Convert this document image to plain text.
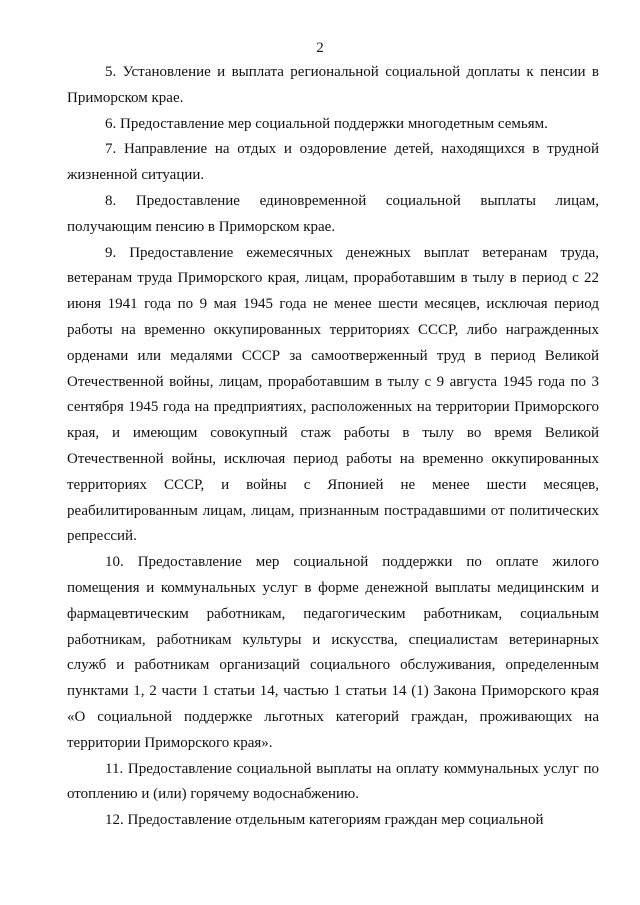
2

5. Установление и выплата региональной социальной доплаты к пенсии в Приморском крае.

6. Предоставление мер социальной поддержки многодетным семьям.

7. Направление на отдых и оздоровление детей, находящихся в трудной жизненной ситуации.

8. Предоставление единовременной социальной выплаты лицам, получающим пенсию в Приморском крае.

9. Предоставление ежемесячных денежных выплат ветеранам труда, ветеранам труда Приморского края, лицам, проработавшим в тылу в период с 22 июня 1941 года по 9 мая 1945 года не менее шести месяцев, исключая период работы на временно оккупированных территориях СССР, либо награжденных орденами или медалями СССР за самоотверженный труд в период Великой Отечественной войны, лицам, проработавшим в тылу с 9 августа 1945 года по 3 сентября 1945 года на предприятиях, расположенных на территории Приморского края, и имеющим совокупный стаж работы в тылу во время Великой Отечественной войны, исключая период работы на временно оккупированных территориях СССР, и войны с Японией не менее шести месяцев, реабилитированным лицам, лицам, признанным пострадавшими от политических репрессий.

10. Предоставление мер социальной поддержки по оплате жилого помещения и коммунальных услуг в форме денежной выплаты медицинским и фармацевтическим работникам, педагогическим работникам, социальным работникам, работникам культуры и искусства, специалистам ветеринарных служб и работникам организаций социального обслуживания, определенным пунктами 1, 2 части 1 статьи 14, частью 1 статьи 14 (1) Закона Приморского края «О социальной поддержке льготных категорий граждан, проживающих на территории Приморского края».

11. Предоставление социальной выплаты на оплату коммунальных услуг по отоплению и (или) горячему водоснабжению.

12. Предоставление отдельным категориям граждан мер социальной
